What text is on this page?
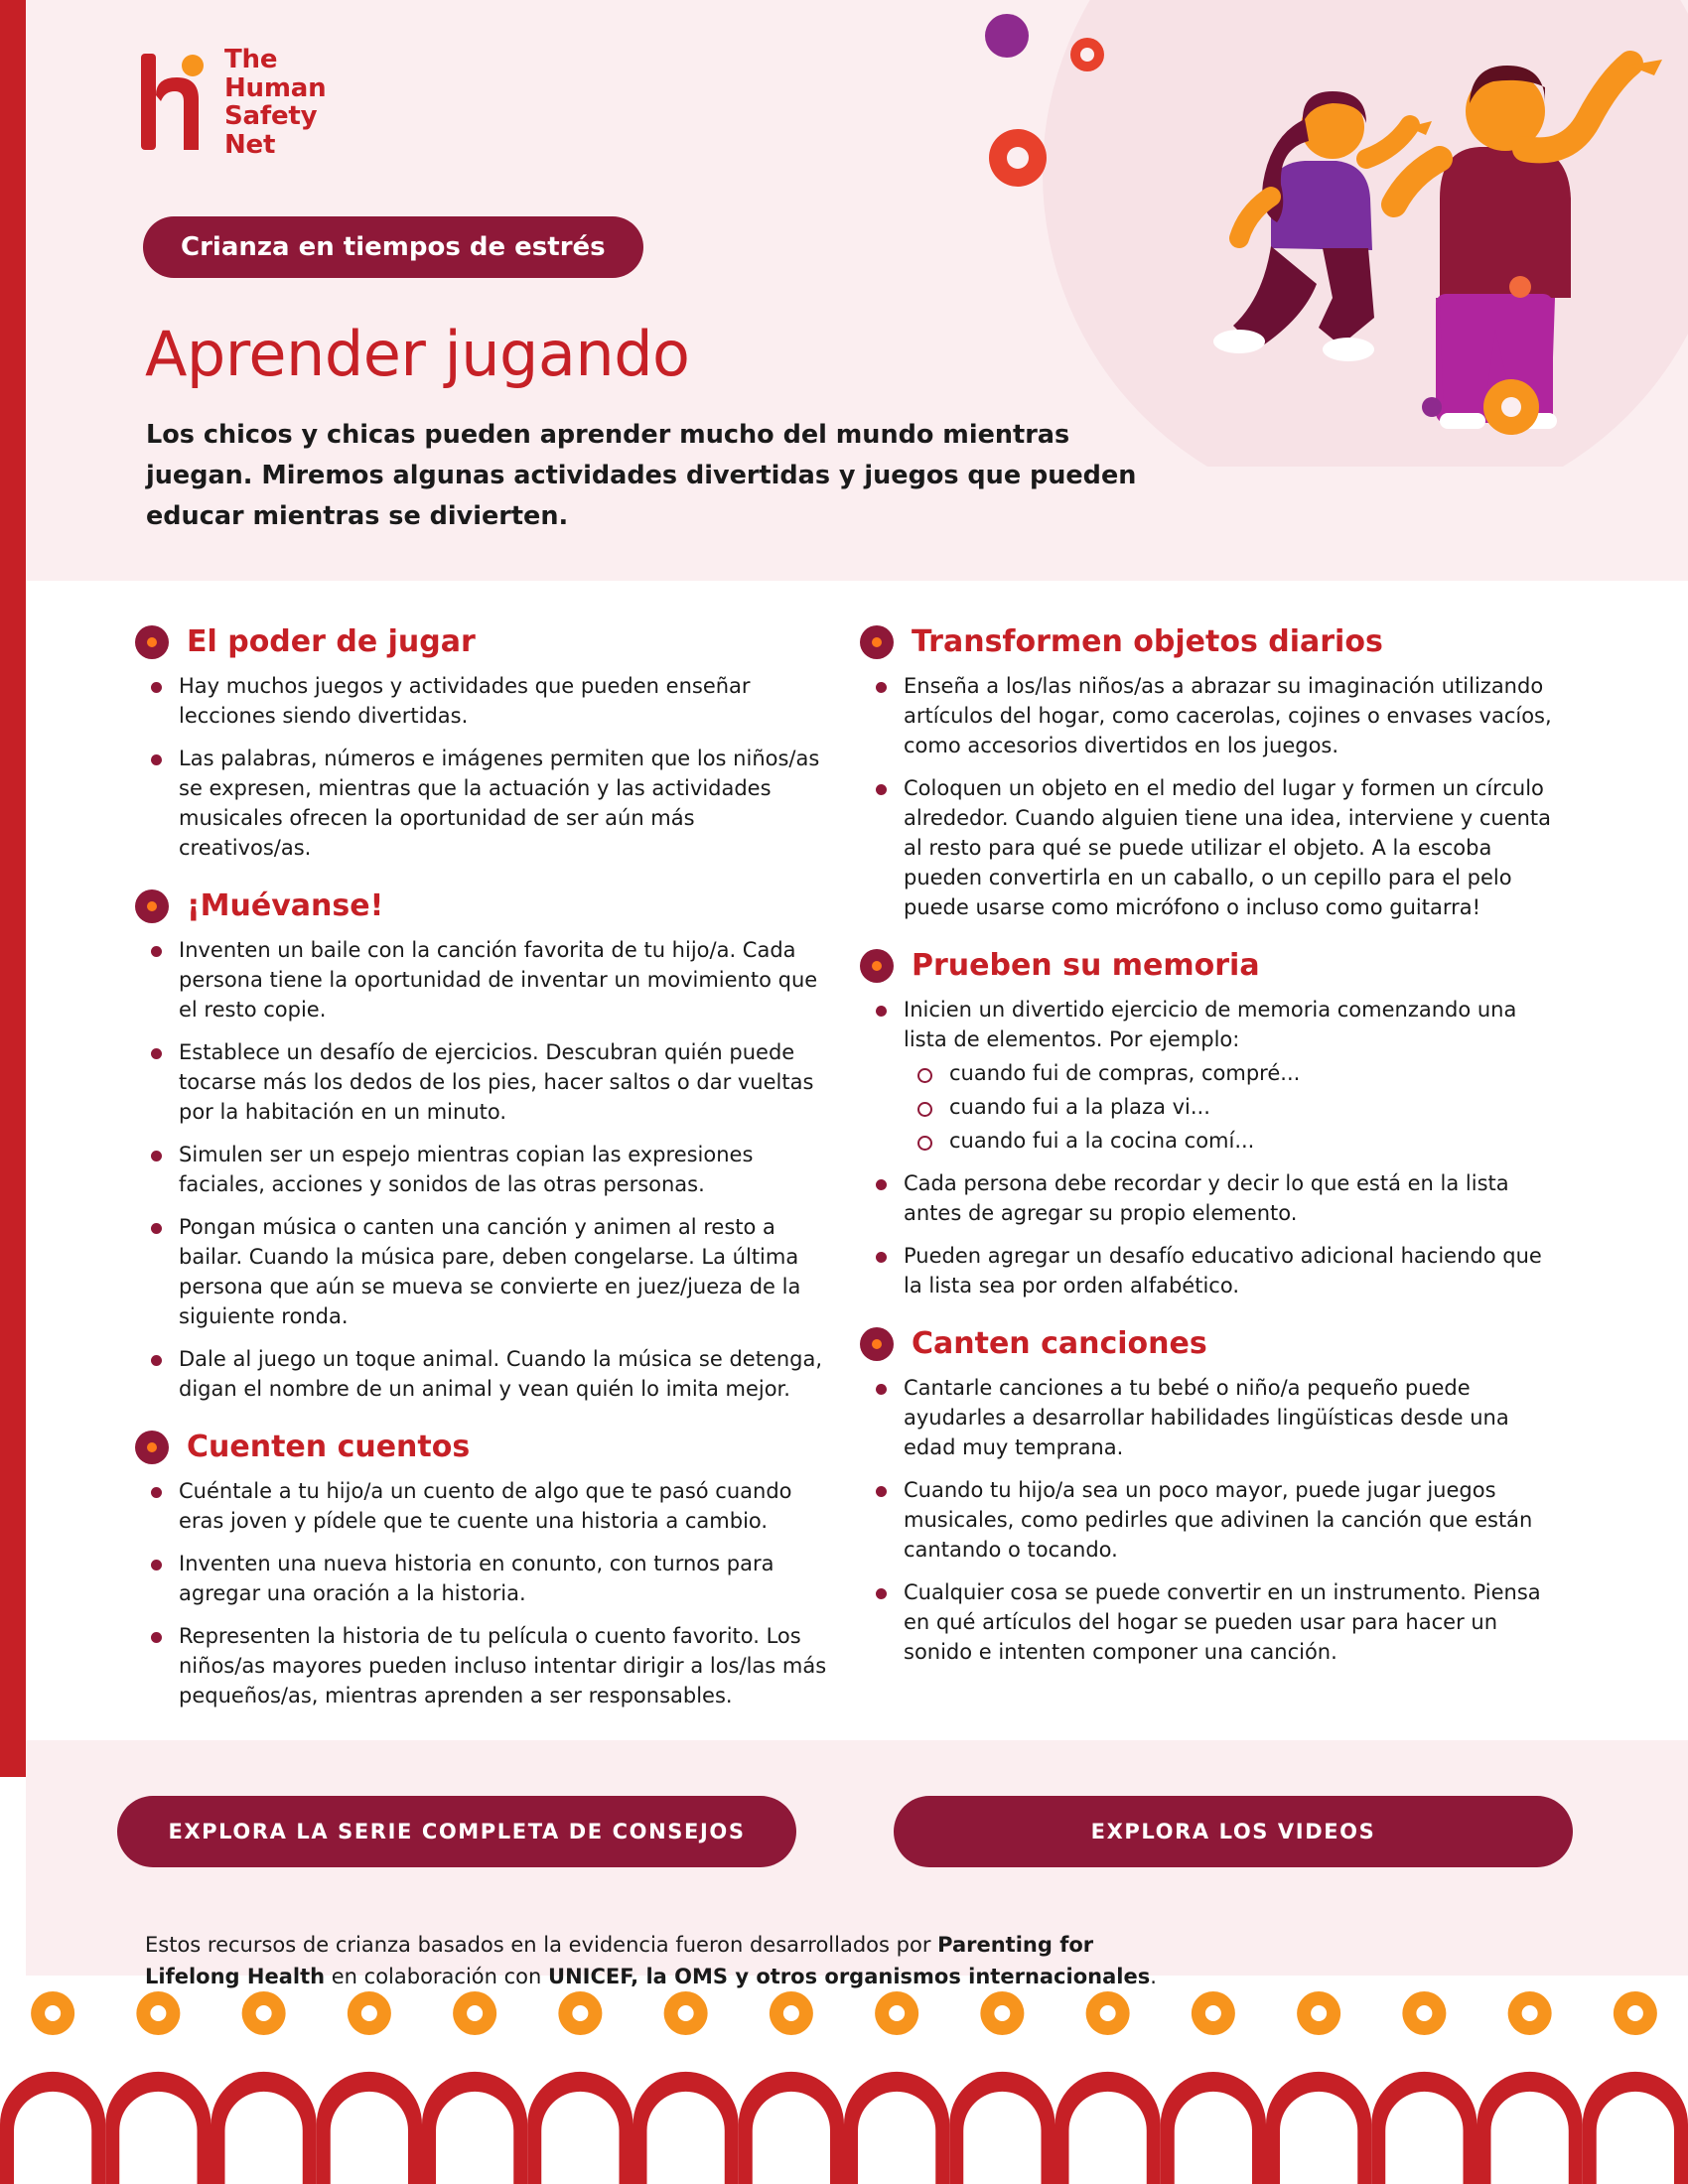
The
Human
Safety
Net
Crianza en tiempos de estrés
Aprender jugando
Los chicos y chicas pueden aprender mucho del mundo mientras juegan. Miremos algunas actividades divertidas y juegos que pueden educar mientras se divierten.
El poder de jugar
Hay muchos juegos y actividades que pueden enseñar lecciones siendo divertidas.
Las palabras, números e imágenes permiten que los niños/as se expresen, mientras que la actuación y las actividades musicales ofrecen la oportunidad de ser aún más creativos/as.
¡Muévanse!
Inventen un baile con la canción favorita de tu hijo/a. Cada persona tiene la oportunidad de inventar un movimiento que el resto copie.
Establece un desafío de ejercicios. Descubran quién puede tocarse más los dedos de los pies, hacer saltos o dar vueltas por la habitación en un minuto.
Simulen ser un espejo mientras copian las expresiones faciales, acciones y sonidos de las otras personas.
Pongan música o canten una canción y animen al resto a bailar. Cuando la música pare, deben congelarse. La última persona que aún se mueva se convierte en juez/jueza de la siguiente ronda.
Dale al juego un toque animal. Cuando la música se detenga, digan el nombre de un animal y vean quién lo imita mejor.
Cuenten cuentos
Cuéntale a tu hijo/a un cuento de algo que te pasó cuando eras joven y pídele que te cuente una historia a cambio.
Inventen una nueva historia en conunto, con turnos para agregar una oración a la historia.
Representen la historia de tu película o cuento favorito. Los niños/as mayores pueden incluso intentar dirigir a los/las más pequeños/as, mientras aprenden a ser responsables.
Transformen objetos diarios
Enseña a los/las niños/as a abrazar su imaginación utilizando artículos del hogar, como cacerolas, cojines o envases vacíos, como accesorios divertidos en los juegos.
Coloquen un objeto en el medio del lugar y formen un círculo alrededor. Cuando alguien tiene una idea, interviene y cuenta al resto para qué se puede utilizar el objeto. A la escoba pueden convertirla en un caballo, o un cepillo para el pelo puede usarse como micrófono o incluso como guitarra!
Prueben su memoria
Inicien un divertido ejercicio de memoria comenzando una lista de elementos. Por ejemplo:
cuando fui de compras, compré...
cuando fui a la plaza vi...
cuando fui a la cocina comí...
Cada persona debe recordar y decir lo que está en la lista antes de agregar su propio elemento.
Pueden agregar un desafío educativo adicional haciendo que la lista sea por orden alfabético.
Canten canciones
Cantarle canciones a tu bebé o niño/a pequeño puede ayudarles a desarrollar habilidades lingüísticas desde una edad muy temprana.
Cuando tu hijo/a sea un poco mayor, puede jugar juegos musicales, como pedirles que adivinen la canción que están cantando o tocando.
Cualquier cosa se puede convertir en un instrumento. Piensa en qué artículos del hogar se pueden usar para hacer un sonido e intenten componer una canción.
EXPLORA LA SERIE COMPLETA DE CONSEJOS	EXPLORA LOS VIDEOS
Estos recursos de crianza basados en la evidencia fueron desarrollados por Parenting for Lifelong Health en colaboración con UNICEF, la OMS y otros organismos internacionales.
